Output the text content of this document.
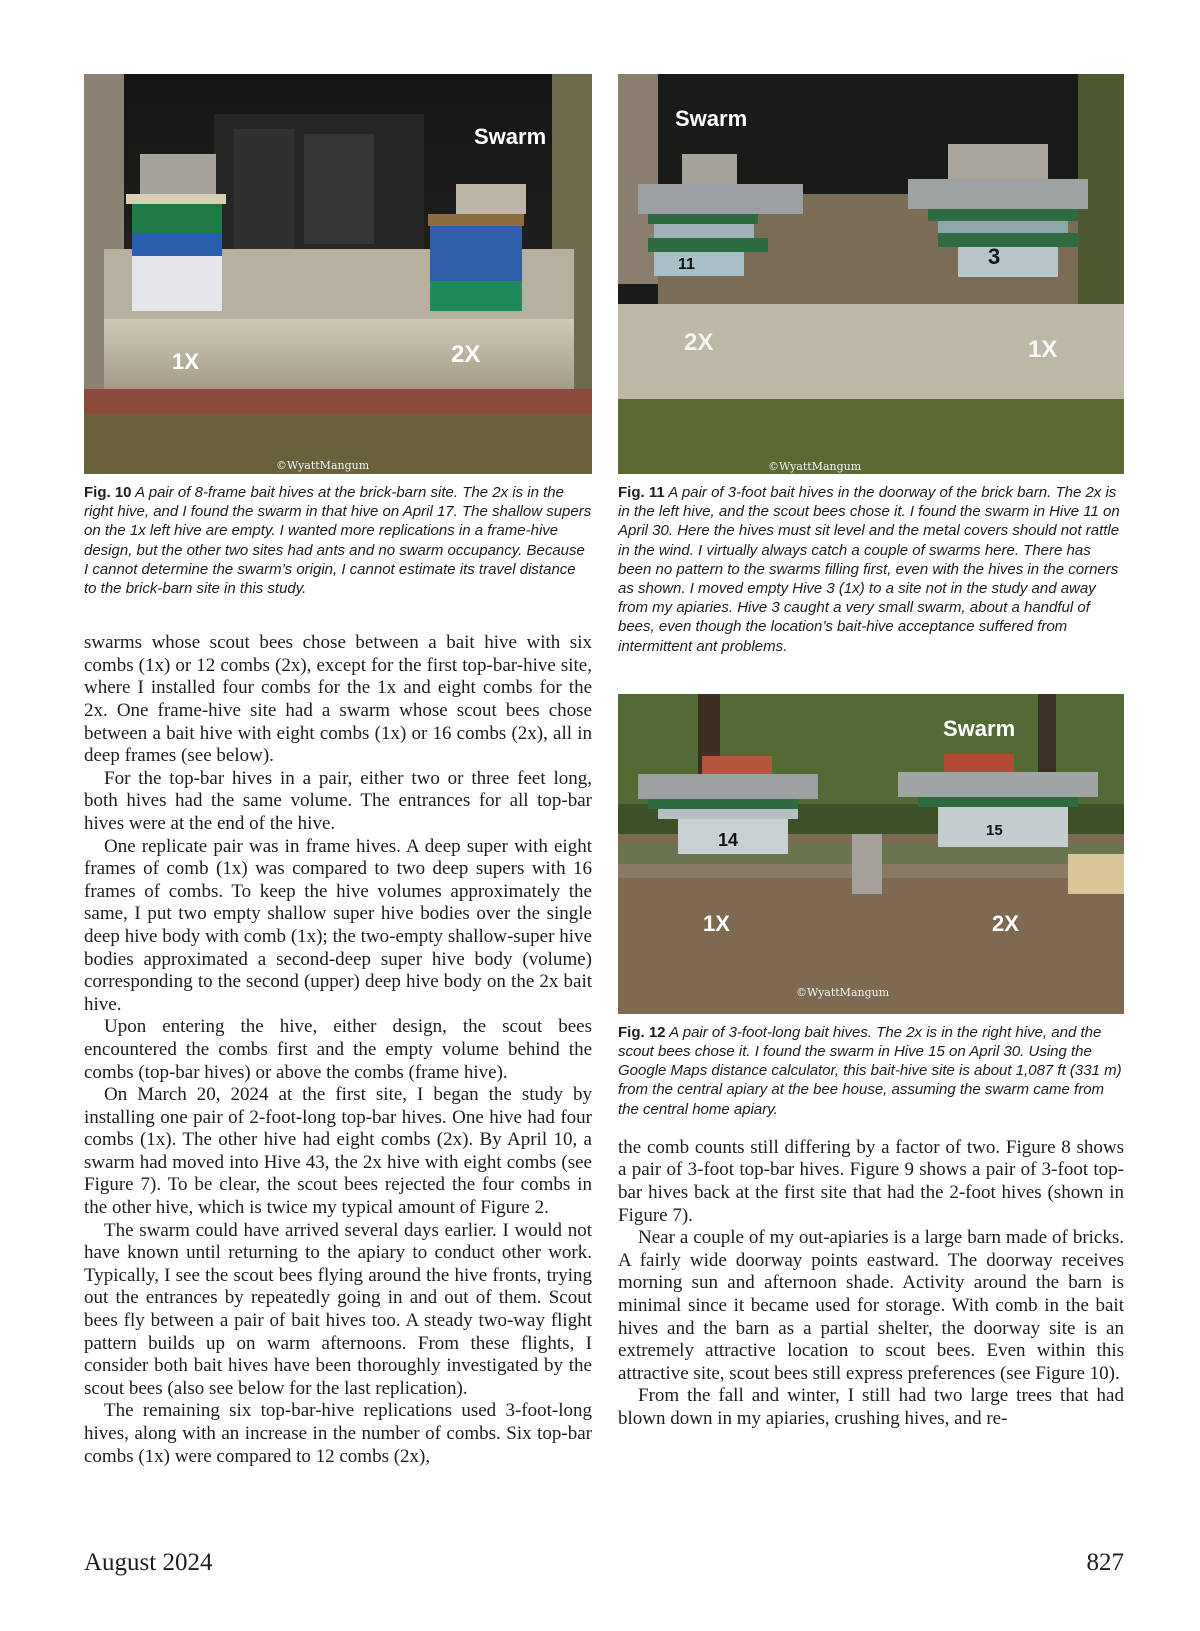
Swarm
1X	2X
©WyattMangum

Fig. 10 A pair of 8-frame bait hives at the brick-barn site. The 2x is in the right hive, and I found the swarm in that hive on April 17. The shallow supers on the 1x left hive are empty. I wanted more replications in a frame-hive design, but the other two sites had ants and no swarm occupancy. Because I cannot determine the swarm’s origin, I cannot estimate its travel distance to the brick-barn site in this study.

swarms whose scout bees chose between a bait hive with six combs (1x) or 12 combs (2x), except for the first top-bar-hive site, where I installed four combs for the 1x and eight combs for the 2x. One frame-hive site had a swarm whose scout bees chose between a bait hive with eight combs (1x) or 16 combs (2x), all in deep frames (see below).

For the top-bar hives in a pair, either two or three feet long, both hives had the same volume. The entrances for all top-bar hives were at the end of the hive.

One replicate pair was in frame hives. A deep super with eight frames of comb (1x) was compared to two deep supers with 16 frames of combs. To keep the hive volumes approximately the same, I put two empty shallow super hive bodies over the single deep hive body with comb (1x); the two-empty shallow-super hive bodies approximated a second-deep super hive body (volume) corresponding to the second (upper) deep hive body on the 2x bait hive.

Upon entering the hive, either design, the scout bees encountered the combs first and the empty volume behind the combs (top-bar hives) or above the combs (frame hive).

On March 20, 2024 at the first site, I began the study by installing one pair of 2-foot-long top-bar hives. One hive had four combs (1x). The other hive had eight combs (2x). By April 10, a swarm had moved into Hive 43, the 2x hive with eight combs (see Figure 7). To be clear, the scout bees rejected the four combs in the other hive, which is twice my typical amount of Figure 2.

The swarm could have arrived several days earlier. I would not have known until returning to the apiary to conduct other work. Typically, I see the scout bees flying around the hive fronts, trying out the entrances by repeatedly going in and out of them. Scout bees fly between a pair of bait hives too. A steady two-way flight pattern builds up on warm afternoons. From these flights, I consider both bait hives have been thoroughly investigated by the scout bees (also see below for the last replication).

The remaining six top-bar-hive replications used 3-foot-long hives, along with an increase in the number of combs. Six top-bar combs (1x) were compared to 12 combs (2x),

Swarm
11	3
2X	1X
©WyattMangum

Fig. 11 A pair of 3-foot bait hives in the doorway of the brick barn. The 2x is in the left hive, and the scout bees chose it. I found the swarm in Hive 11 on April 30. Here the hives must sit level and the metal covers should not rattle in the wind. I virtually always catch a couple of swarms here. There has been no pattern to the swarms filling first, even with the hives in the corners as shown. I moved empty Hive 3 (1x) to a site not in the study and away from my apiaries. Hive 3 caught a very small swarm, about a handful of bees, even though the location’s bait-hive acceptance suffered from intermittent ant problems.

Swarm
14	15
1X	2X
©WyattMangum

Fig. 12 A pair of 3-foot-long bait hives. The 2x is in the right hive, and the scout bees chose it. I found the swarm in Hive 15 on April 30. Using the Google Maps distance calculator, this bait-hive site is about 1,087 ft (331 m) from the central apiary at the bee house, assuming the swarm came from the central home apiary.

the comb counts still differing by a factor of two. Figure 8 shows a pair of 3-foot top-bar hives. Figure 9 shows a pair of 3-foot top-bar hives back at the first site that had the 2-foot hives (shown in Figure 7).

Near a couple of my out-apiaries is a large barn made of bricks. A fairly wide doorway points eastward. The doorway receives morning sun and afternoon shade. Activity around the barn is minimal since it became used for storage. With comb in the bait hives and the barn as a partial shelter, the doorway site is an extremely attractive location to scout bees. Even within this attractive site, scout bees still express preferences (see Figure 10).

From the fall and winter, I still had two large trees that had blown down in my apiaries, crushing hives, and re-

August 2024	827
